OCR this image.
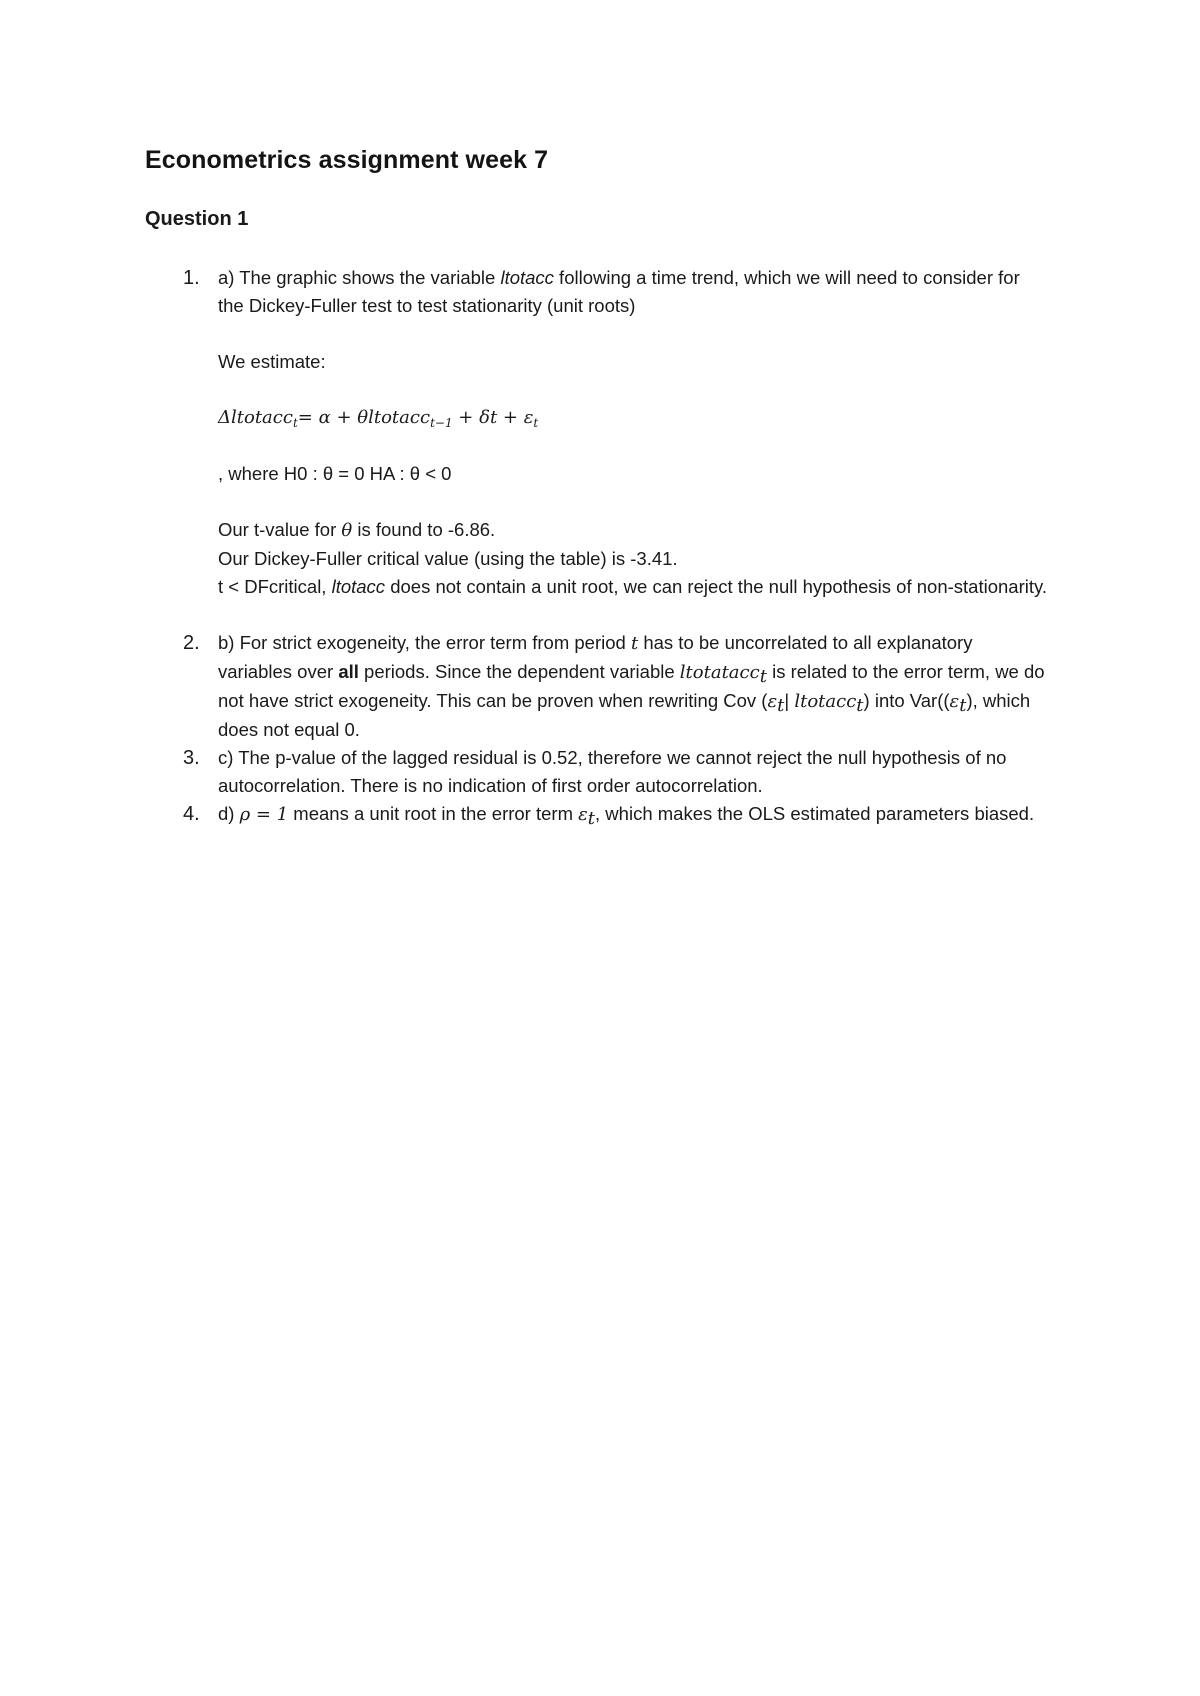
Econometrics assignment week 7
Question 1
1. a) The graphic shows the variable ltotacc following a time trend, which we will need to consider for the Dickey-Fuller test to test stationarity (unit roots)

We estimate:

Δltotacc$_t$= α + θltotacc$_{t-1}$ + $\delta t + \varepsilon_t$

, where H0 : θ = 0 HA : θ < 0

Our t-value for θ is found to -6.86.

Our Dickey-Fuller critical value (using the table) is -3.41.

t < DFcritical, ltotacc does not contain a unit root, we can reject the null hypothesis of non-stationarity.

2. b) For strict exogeneity, the error term from period t has to be uncorrelated to all explanatory variables over all periods. Since the dependent variable ltotatacc$_t$ is related to the error term, we do not have strict exogeneity. This can be proven when rewriting Cov ($\varepsilon_t|$ ltotacc$_t$) into $Var((\varepsilon_t)$, which does not equal 0.

3. c) The p-value of the lagged residual is 0.52, therefore we cannot reject the null hypothesis of no autocorrelation. There is no indication of first order autocorrelation.

4. d) ρ = 1 means a unit root in the error term $\varepsilon_t$, which makes the OLS estimated parameters biased.
